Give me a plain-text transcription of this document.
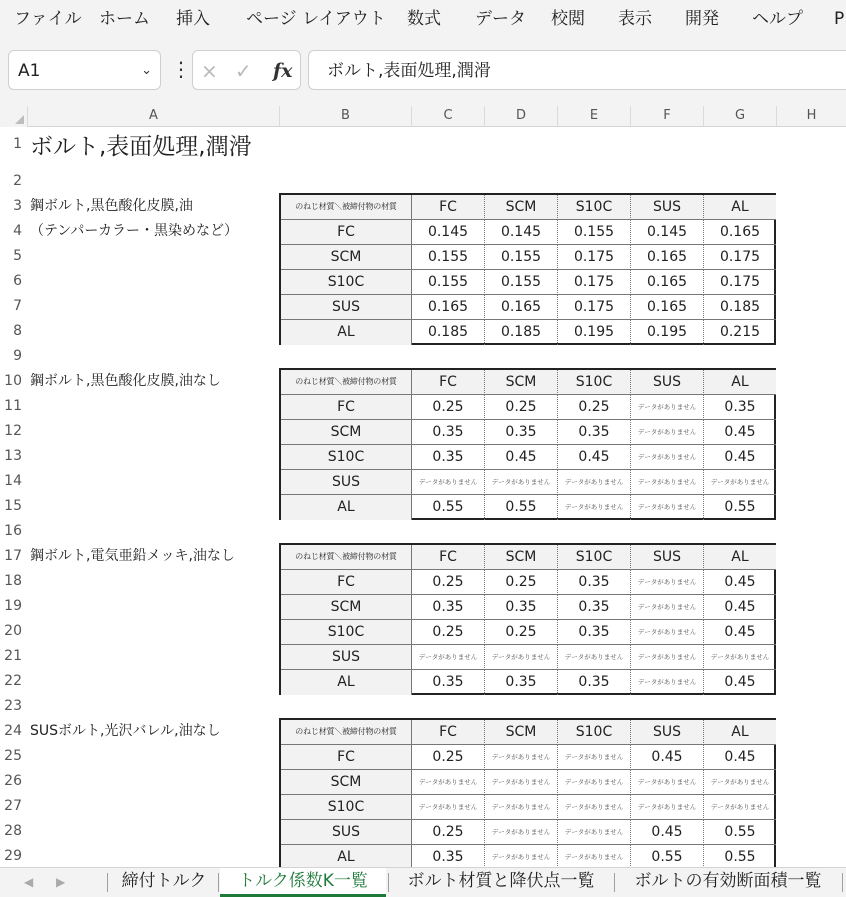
ファイル ホーム 挿入 ページ レイアウト 数式 データ 校閲 表示 開発 ヘルプ P
A1	⌄ ⋮ × ✓ fx ボルト,表面処理,潤滑
A	B	C	D	E	F	G	H
ボルト,表面処理,潤滑
1
2
3
4
5
6
7
8
9
10
11
12
13
14
15
16
17
18
19
20
21
22
23
24
25
26
27
28
29
鋼ボルト,黒色酸化皮膜,油
（テンパーカラー・黒染めなど）
のねじ材質＼被締付物の材質	FC	SCM	S10C	SUS	AL
FC	0.145	0.145	0.155	0.145	0.165
SCM	0.155	0.155	0.175	0.165	0.175
S10C	0.155	0.155	0.175	0.165	0.175
SUS	0.165	0.165	0.175	0.165	0.185
AL	0.185	0.185	0.195	0.195	0.215
鋼ボルト,黒色酸化皮膜,油なし	のねじ材質＼被締付物の材質	FC	SCM	S10C	SUS	AL
FC	0.25	0.25	0.25	データがありません	0.35
SCM	0.35	0.35	0.35	データがありません	0.45
S10C	0.35	0.45	0.45	データがありません	0.45
SUS	データがありません	データがありません	データがありません	データがありません	データがありません
AL	0.55	0.55	データがありません	データがありません	0.55
鋼ボルト,電気亜鉛メッキ,油なし	のねじ材質＼被締付物の材質	FC	SCM	S10C	SUS	AL
FC	0.25	0.25	0.35	データがありません	0.45
SCM	0.35	0.35	0.35	データがありません	0.45
S10C	0.25	0.25	0.35	データがありません	0.45
SUS	データがありません	データがありません	データがありません	データがありません	データがありません
AL	0.35	0.35	0.35	データがありません	0.45
SUSボルト,光沢バレル,油なし	のねじ材質＼被締付物の材質	FC	SCM	S10C	SUS	AL
FC	0.25	データがありません	データがありません	0.45	0.45
SCM	データがありません	データがありません	データがありません	データがありません	データがありません
S10C	データがありません	データがありません	データがありません	データがありません	データがありません
SUS	0.25	データがありません	データがありません	0.45	0.55
AL	0.35	データがありません	データがありません	0.55	0.55
◀ ▶	締付トルク	トルク係数K一覧	ボルト材質と降伏点一覧	ボルトの有効断面積一覧
